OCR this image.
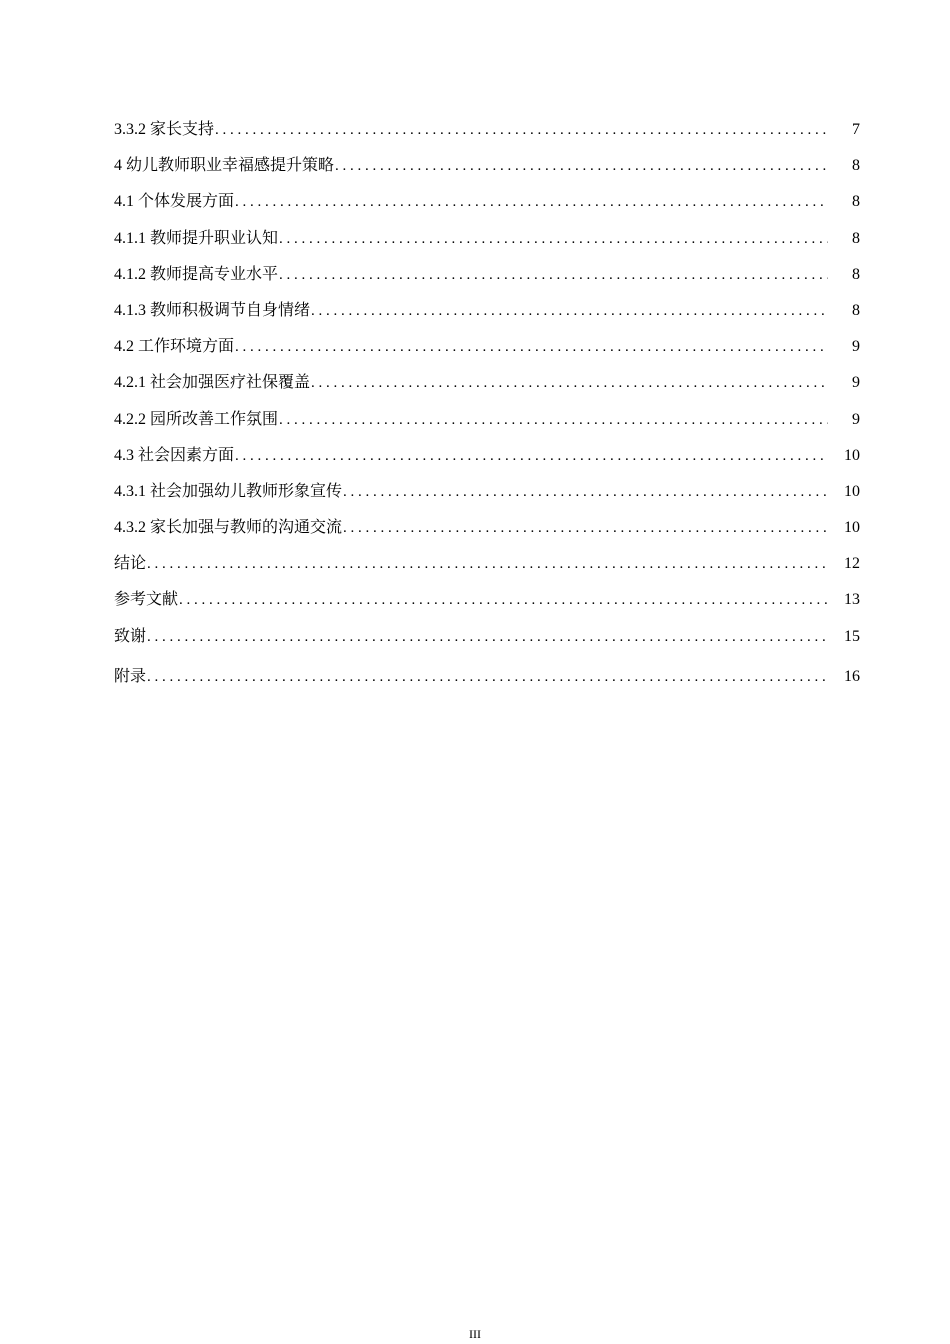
3.3.2 家长支持 . . .	7
4 幼儿教师职业幸福感提升策略 . . .	8
4.1 个体发展方面 . . .	8
4.1.1 教师提升职业认知 . . .	8
4.1.2 教师提高专业水平 . . .	8
4.1.3 教师积极调节自身情绪 . . .	8
4.2 工作环境方面 . . .	9
4.2.1 社会加强医疗社保覆盖 . . .	9
4.2.2 园所改善工作氛围 . . .	9
4.3 社会因素方面 . . .	10
4.3.1 社会加强幼儿教师形象宣传 . . .	10
4.3.2 家长加强与教师的沟通交流 . . .	10
结论 . . .	12
参考文献 . . .	13
致谢 . . .	15
附录 . . .	16
III
